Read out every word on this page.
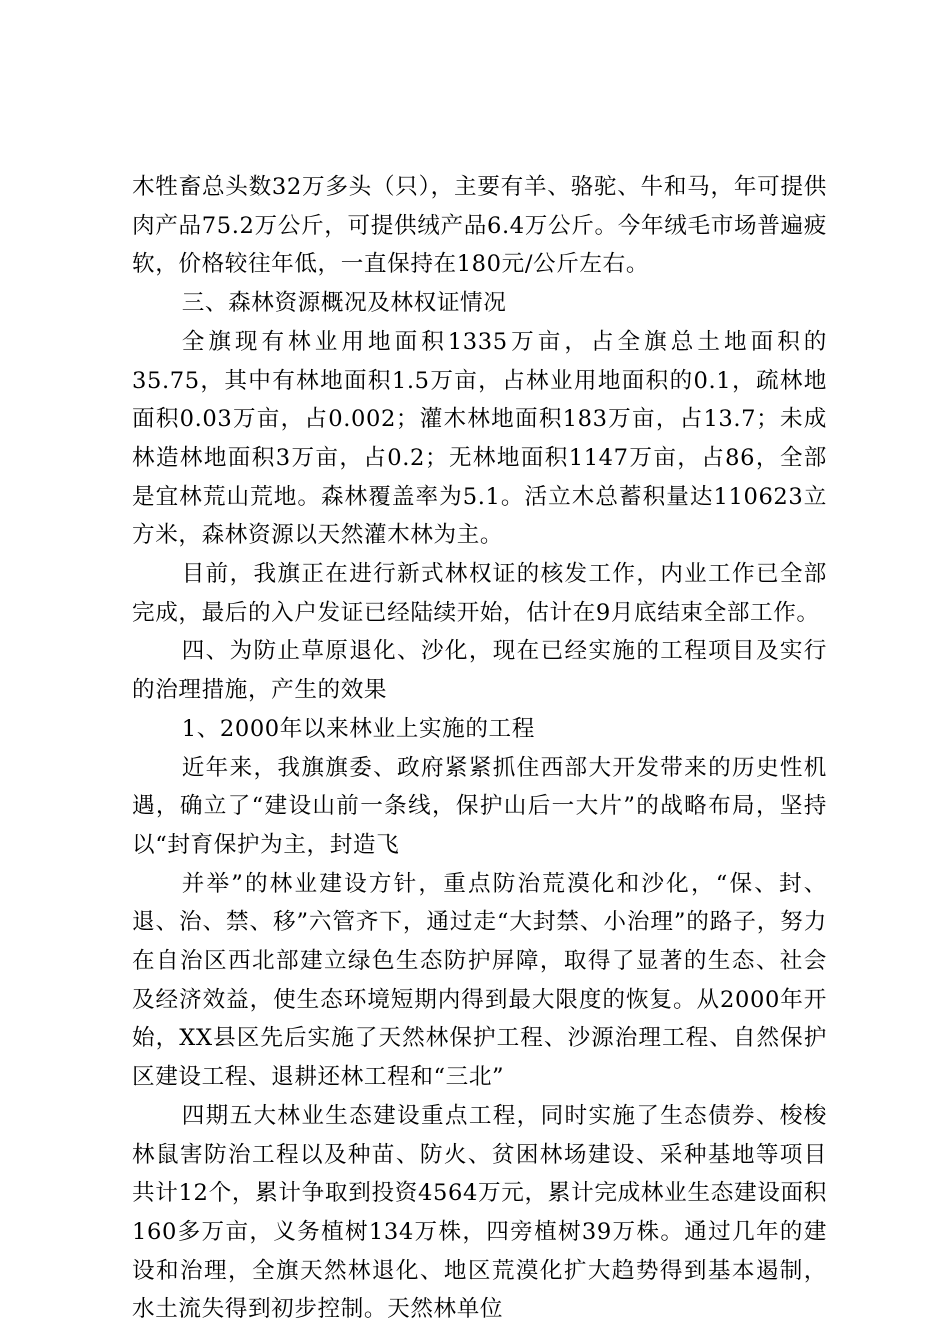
木牲畜总头数32万多头（只），主要有羊、骆驼、牛和马，年可提供肉产品75.2万公斤，可提供绒产品6.4万公斤。今年绒毛市场普遍疲软，价格较往年低，一直保持在180元/公斤左右。

三、森林资源概况及林权证情况

全旗现有林业用地面积1335万亩，占全旗总土地面积的35.75，其中有林地面积1.5万亩，占林业用地面积的0.1，疏林地面积0.03万亩，占0.002；灌木林地面积183万亩，占13.7；未成林造林地面积3万亩，占0.2；无林地面积1147万亩，占86，全部是宜林荒山荒地。森林覆盖率为5.1。活立木总蓄积量达110623立方米，森林资源以天然灌木林为主。

目前，我旗正在进行新式林权证的核发工作，内业工作已全部完成，最后的入户发证已经陆续开始，估计在9月底结束全部工作。

四、为防止草原退化、沙化，现在已经实施的工程项目及实行的治理措施，产生的效果

1、2000年以来林业上实施的工程

近年来，我旗旗委、政府紧紧抓住西部大开发带来的历史性机遇，确立了“建设山前一条线，保护山后一大片”的战略布局，坚持以“封育保护为主，封造飞

并举”的林业建设方针，重点防治荒漠化和沙化，“保、封、退、治、禁、移”六管齐下，通过走“大封禁、小治理”的路子，努力在自治区西北部建立绿色生态防护屏障，取得了显著的生态、社会及经济效益，使生态环境短期内得到最大限度的恢复。从2000年开始，XX县区先后实施了天然林保护工程、沙源治理工程、自然保护区建设工程、退耕还林工程和“三北”

四期五大林业生态建设重点工程，同时实施了生态债券、梭梭林鼠害防治工程以及种苗、防火、贫困林场建设、采种基地等项目共计12个，累计争取到投资4564万元，累计完成林业生态建设面积160多万亩，义务植树134万株，四旁植树39万株。通过几年的建设和治理，全旗天然林退化、地区荒漠化扩大趋势得到基本遏制，水土流失得到初步控制。天然林单位
